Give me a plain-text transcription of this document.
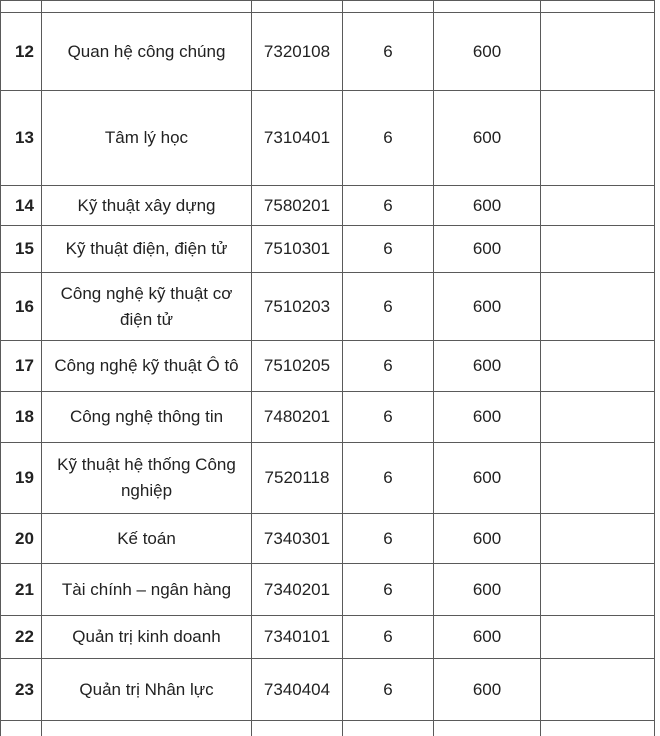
12	Quan hệ công chúng	7320108	6	600	
13	Tâm lý học	7310401	6	600	
14	Kỹ thuật xây dựng	7580201	6	600	
15	Kỹ thuật điện, điện tử	7510301	6	600	
16	Công nghệ kỹ thuật cơ điện tử	7510203	6	600	
17	Công nghệ kỹ thuật Ô tô	7510205	6	600	
18	Công nghệ thông tin	7480201	6	600	
19	Kỹ thuật hệ thống Công nghiệp	7520118	6	600	
20	Kế toán	7340301	6	600	
21	Tài chính – ngân hàng	7340201	6	600	
22	Quản trị kinh doanh	7340101	6	600	
23	Quản trị Nhân lực	7340404	6	600	
